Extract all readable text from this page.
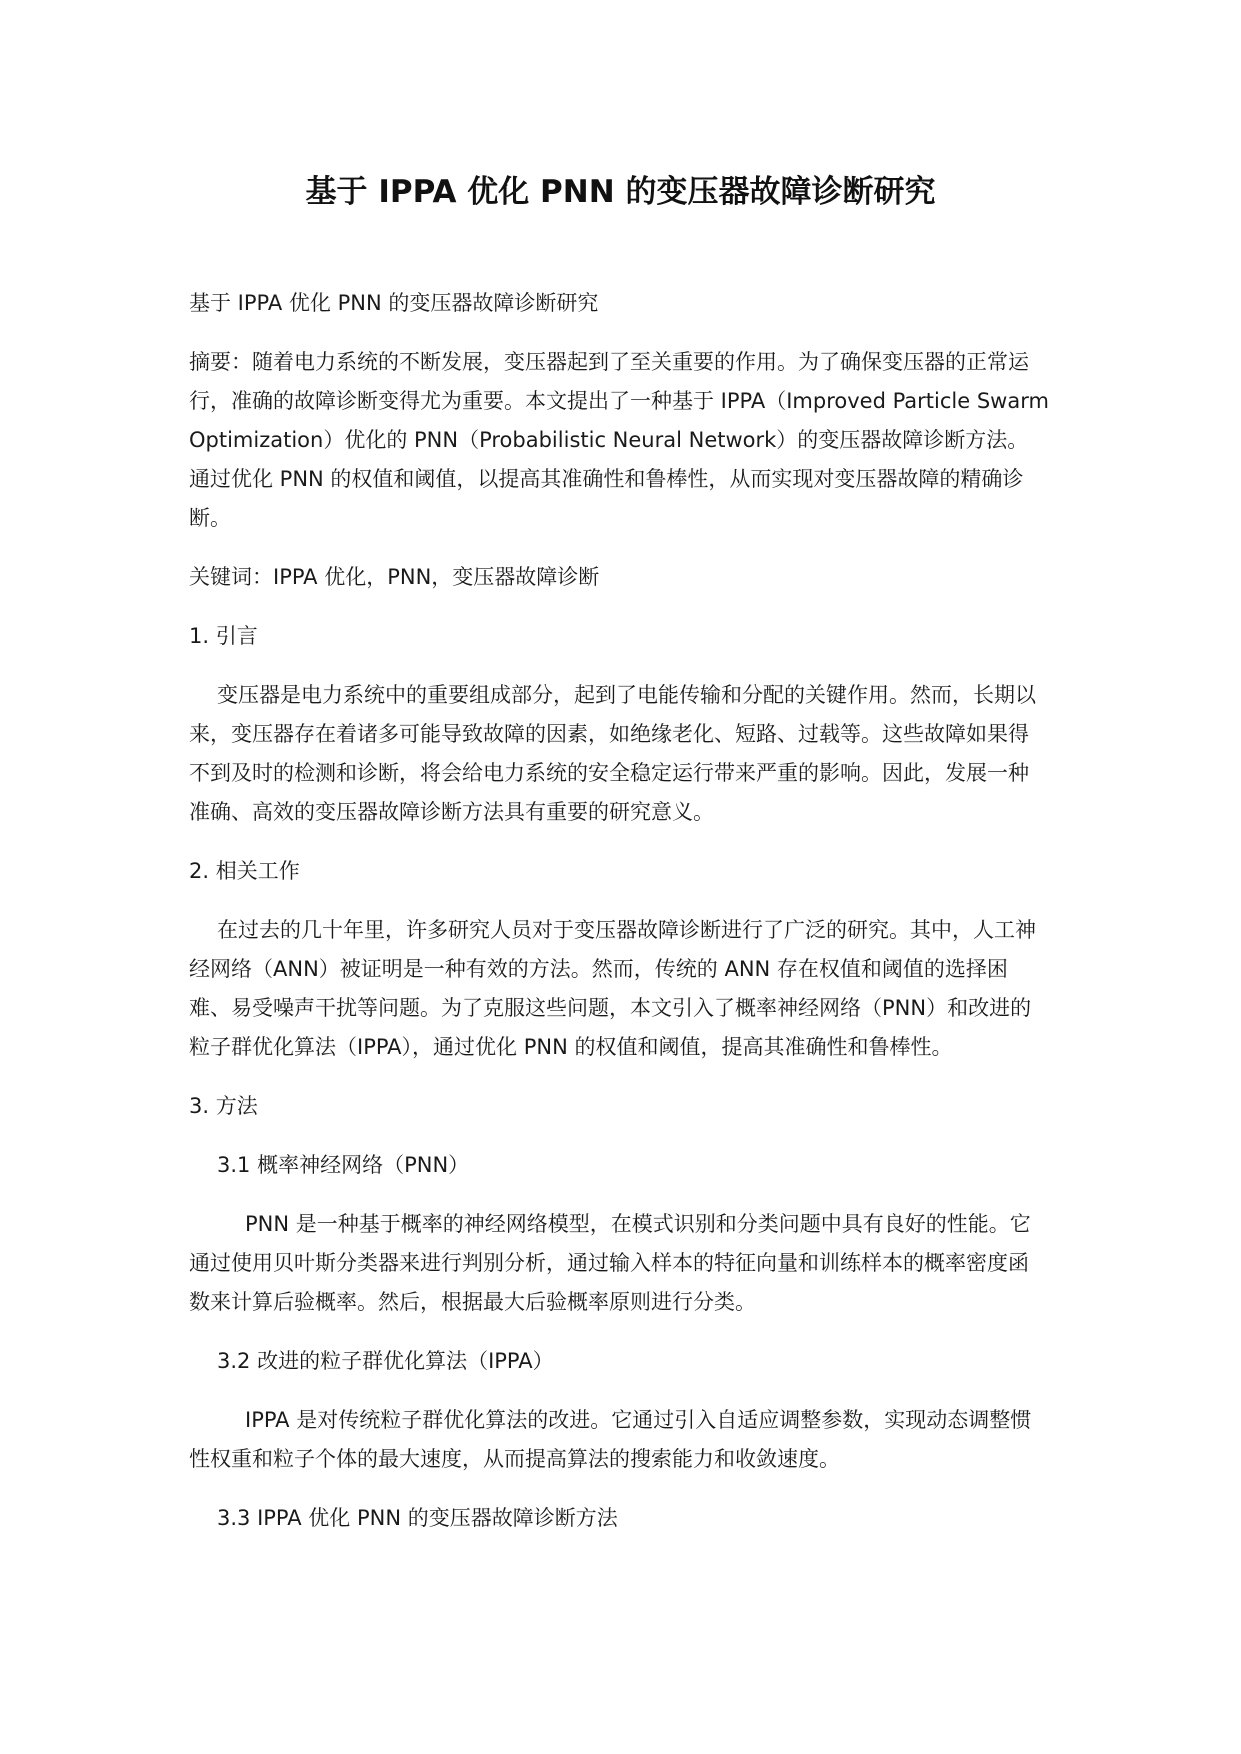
基于 IPPA 优化 PNN 的变压器故障诊断研究

基于 IPPA 优化 PNN 的变压器故障诊断研究

摘要：随着电力系统的不断发展，变压器起到了至关重要的作用。为了确保变压器的正常运行，准确的故障诊断变得尤为重要。本文提出了一种基于 IPPA（Improved Particle Swarm Optimization）优化的 PNN（Probabilistic Neural Network）的变压器故障诊断方法。通过优化 PNN 的权值和阈值，以提高其准确性和鲁棒性，从而实现对变压器故障的精确诊断。

关键词：IPPA 优化，PNN，变压器故障诊断

1. 引言

变压器是电力系统中的重要组成部分，起到了电能传输和分配的关键作用。然而，长期以来，变压器存在着诸多可能导致故障的因素，如绝缘老化、短路、过载等。这些故障如果得不到及时的检测和诊断，将会给电力系统的安全稳定运行带来严重的影响。因此，发展一种准确、高效的变压器故障诊断方法具有重要的研究意义。

2. 相关工作

在过去的几十年里，许多研究人员对于变压器故障诊断进行了广泛的研究。其中，人工神经网络（ANN）被证明是一种有效的方法。然而，传统的 ANN 存在权值和阈值的选择困难、易受噪声干扰等问题。为了克服这些问题，本文引入了概率神经网络（PNN）和改进的粒子群优化算法（IPPA），通过优化 PNN 的权值和阈值，提高其准确性和鲁棒性。

3. 方法

3.1 概率神经网络（PNN）

PNN 是一种基于概率的神经网络模型，在模式识别和分类问题中具有良好的性能。它通过使用贝叶斯分类器来进行判别分析，通过输入样本的特征向量和训练样本的概率密度函数来计算后验概率。然后，根据最大后验概率原则进行分类。

3.2 改进的粒子群优化算法（IPPA）

IPPA 是对传统粒子群优化算法的改进。它通过引入自适应调整参数，实现动态调整惯性权重和粒子个体的最大速度，从而提高算法的搜索能力和收敛速度。

3.3 IPPA 优化 PNN 的变压器故障诊断方法
